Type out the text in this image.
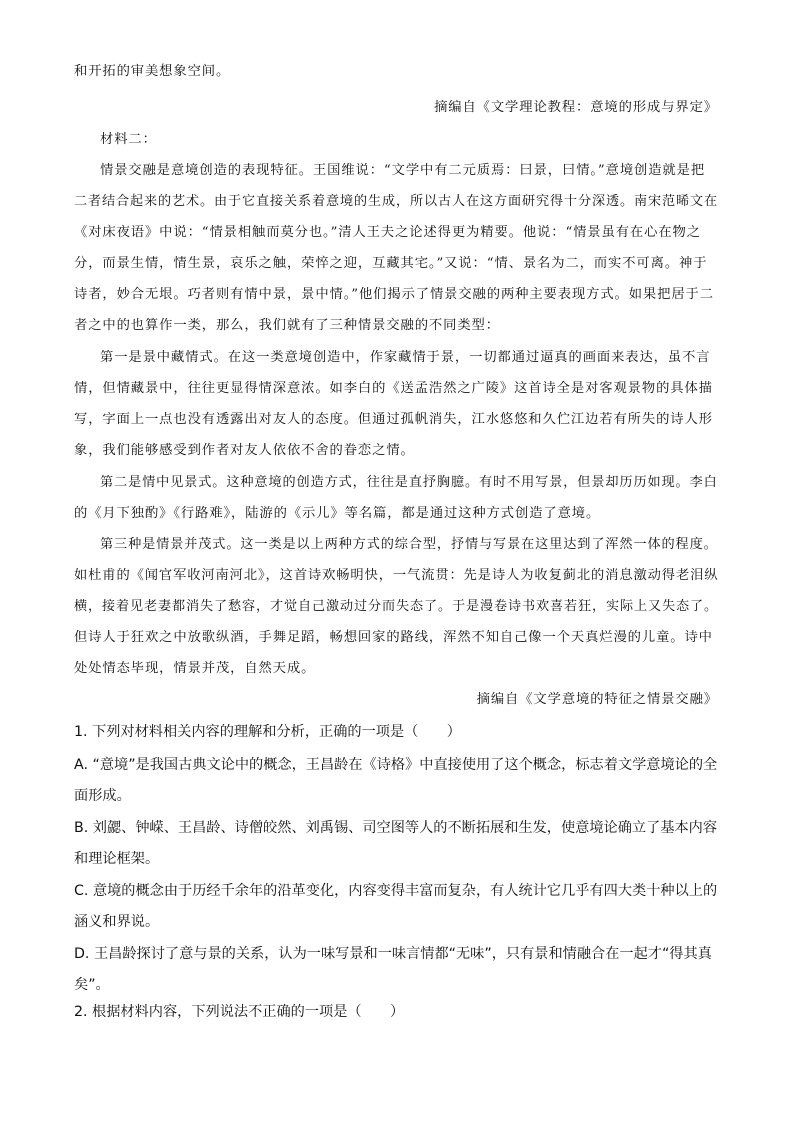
和开拓的审美想象空间。
摘编自《文学理论教程：意境的形成与界定》
材料二：
情景交融是意境创造的表现特征。王国维说：“文学中有二元质焉：曰景，曰情。”意境创造就是把
二者结合起来的艺术。由于它直接关系着意境的生成，所以古人在这方面研究得十分深透。南宋范晞文在
《对床夜语》中说：“情景相触而莫分也。”清人王夫之论述得更为精要。他说：“情景虽有在心在物之
分，而景生情，情生景，哀乐之触，荣悴之迎，互藏其宅。”又说：“情、景名为二，而实不可离。神于
诗者，妙合无垠。巧者则有情中景，景中情。”他们揭示了情景交融的两种主要表现方式。如果把居于二
者之中的也算作一类，那么，我们就有了三种情景交融的不同类型：
第一是景中藏情式。在这一类意境创造中，作家藏情于景，一切都通过逼真的画面来表达，虽不言
情，但情藏景中，往往更显得情深意浓。如李白的《送孟浩然之广陵》这首诗全是对客观景物的具体描
写，字面上一点也没有透露出对友人的态度。但通过孤帆消失，江水悠悠和久伫江边若有所失的诗人形
象，我们能够感受到作者对友人依依不舍的眷恋之情。
第二是情中见景式。这种意境的创造方式，往往是直抒胸臆。有时不用写景，但景却历历如现。李白
的《月下独酌》《行路难》，陆游的《示儿》等名篇，都是通过这种方式创造了意境。
第三种是情景并茂式。这一类是以上两种方式的综合型，抒情与写景在这里达到了浑然一体的程度。
如杜甫的《闻官军收河南河北》，这首诗欢畅明快，一气流贯：先是诗人为收复蓟北的消息激动得老泪纵
横，接着见老妻都消失了愁容，才觉自己激动过分而失态了。于是漫卷诗书欢喜若狂，实际上又失态了。
但诗人于狂欢之中放歌纵酒，手舞足蹈，畅想回家的路线，浑然不知自己像一个天真烂漫的儿童。诗中
处处情态毕现，情景并茂，自然天成。
摘编自《文学意境的特征之情景交融》
1. 下列对材料相关内容的理解和分析，正确的一项是（　　）
A. “意境”是我国古典文论中的概念，王昌龄在《诗格》中直接使用了这个概念，标志着文学意境论的全
面形成。
B. 刘勰、钟嵘、王昌龄、诗僧皎然、刘禹锡、司空图等人的不断拓展和生发，使意境论确立了基本内容
和理论框架。
C. 意境的概念由于历经千余年的沿革变化，内容变得丰富而复杂，有人统计它几乎有四大类十种以上的
涵义和界说。
D. 王昌龄探讨了意与景的关系，认为一味写景和一味言情都“无味”，只有景和情融合在一起才“得其真
矣”。
2. 根据材料内容，下列说法不正确的一项是（　　）
